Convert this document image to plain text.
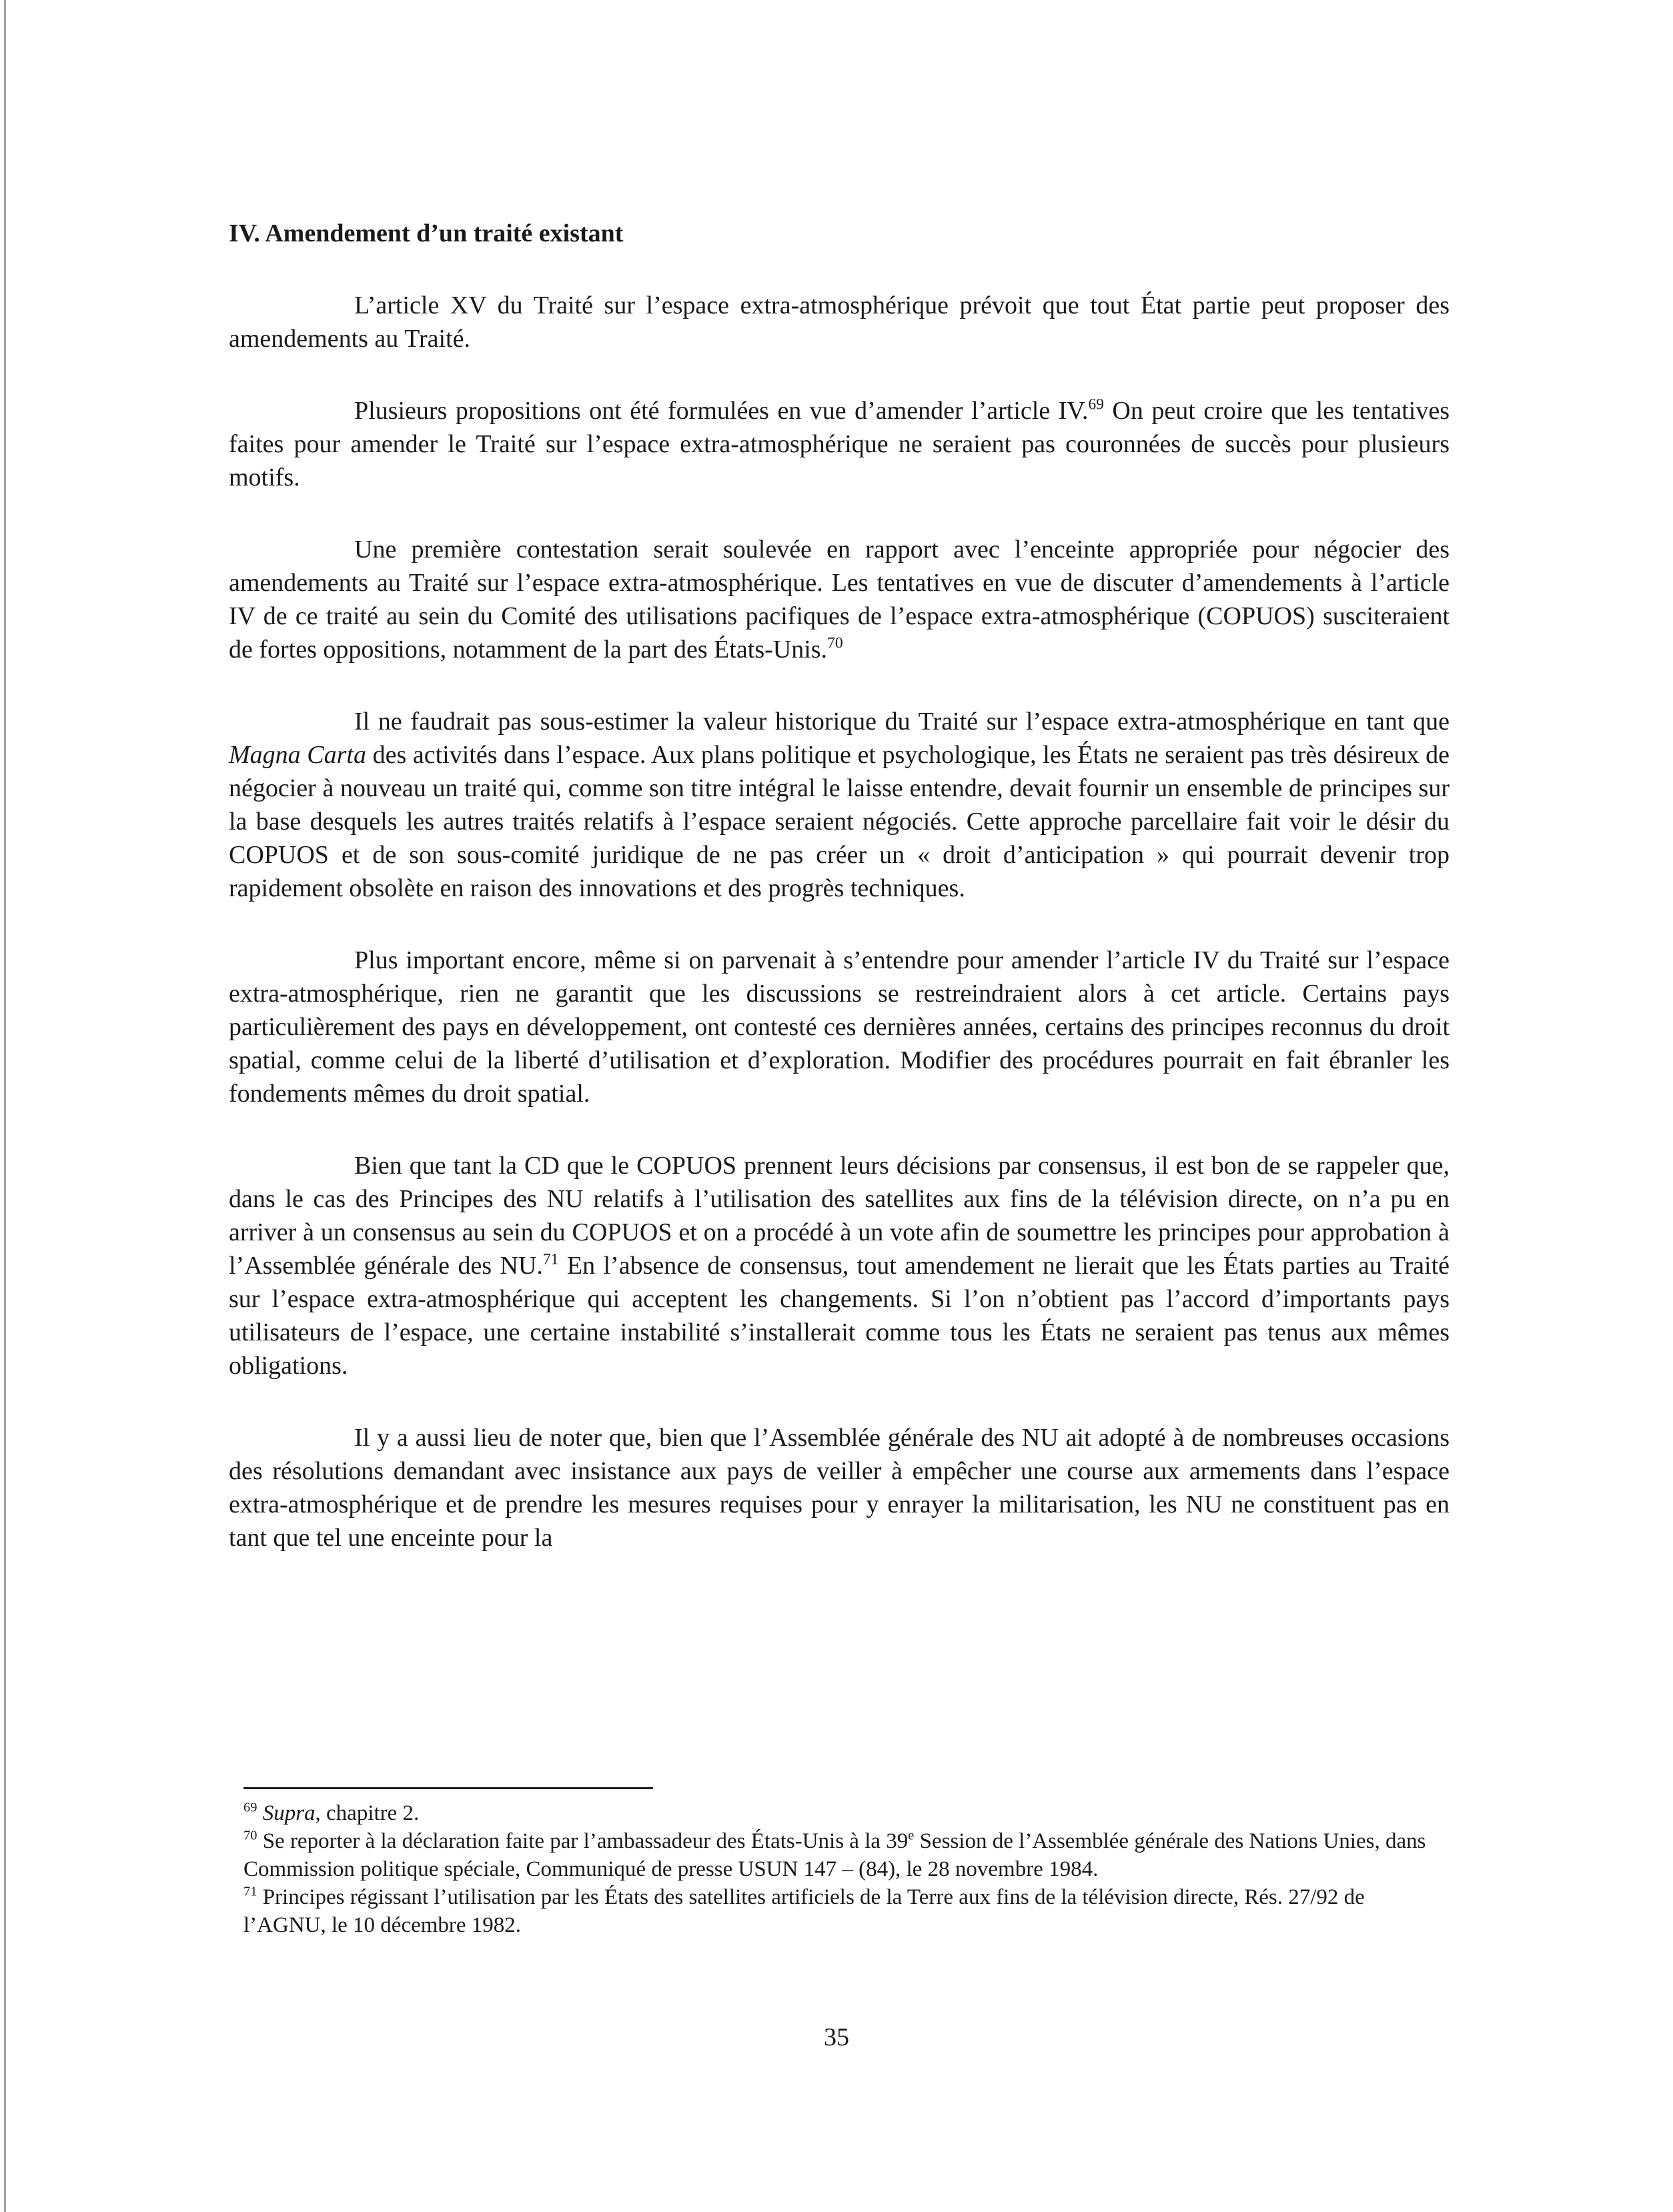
IV. Amendement d’un traité existant

L’article XV du Traité sur l’espace extra-atmosphérique prévoit que tout État partie peut proposer des amendements au Traité.

Plusieurs propositions ont été formulées en vue d’amender l’article IV.$^{69}$ On peut croire que les tentatives faites pour amender le Traité sur l’espace extra-atmosphérique ne seraient pas couronnées de succès pour plusieurs motifs.

Une première contestation serait soulevée en rapport avec l’enceinte appropriée pour négocier des amendements au Traité sur l’espace extra-atmosphérique. Les tentatives en vue de discuter d’amendements à l’article IV de ce traité au sein du Comité des utilisations pacifiques de l’espace extra-atmosphérique (COPUOS) susciteraient de fortes oppositions, notamment de la part des États-Unis.$^{70}$

Il ne faudrait pas sous-estimer la valeur historique du Traité sur l’espace extra-atmosphérique en tant que Magna Carta des activités dans l’espace. Aux plans politique et psychologique, les États ne seraient pas très désireux de négocier à nouveau un traité qui, comme son titre intégral le laisse entendre, devait fournir un ensemble de principes sur la base desquels les autres traités relatifs à l’espace seraient négociés. Cette approche parcellaire fait voir le désir du COPUOS et de son sous-comité juridique de ne pas créer un « droit d’anticipation » qui pourrait devenir trop rapidement obsolète en raison des innovations et des progrès techniques.

Plus important encore, même si on parvenait à s’entendre pour amender l’article IV du Traité sur l’espace extra-atmosphérique, rien ne garantit que les discussions se restreindraient alors à cet article. Certains pays particulièrement des pays en développement, ont contesté ces dernières années, certains des principes reconnus du droit spatial, comme celui de la liberté d’utilisation et d’exploration. Modifier des procédures pourrait en fait ébranler les fondements mêmes du droit spatial.

Bien que tant la CD que le COPUOS prennent leurs décisions par consensus, il est bon de se rappeler que, dans le cas des Principes des NU relatifs à l’utilisation des satellites aux fins de la télévision directe, on n’a pu en arriver à un consensus au sein du COPUOS et on a procédé à un vote afin de soumettre les principes pour approbation à l’Assemblée générale des NU.$^{71}$ En l’absence de consensus, tout amendement ne lierait que les États parties au Traité sur l’espace extra-atmosphérique qui acceptent les changements. Si l’on n’obtient pas l’accord d’importants pays utilisateurs de l’espace, une certaine instabilité s’installerait comme tous les États ne seraient pas tenus aux mêmes obligations.

Il y a aussi lieu de noter que, bien que l’Assemblée générale des NU ait adopté à de nombreuses occasions des résolutions demandant avec insistance aux pays de veiller à empêcher une course aux armements dans l’espace extra-atmosphérique et de prendre les mesures requises pour y enrayer la militarisation, les NU ne constituent pas en tant que tel une enceinte pour la

$^{69}$ Supra, chapitre 2.

$^{70}$ Se reporter à la déclaration faite par l’ambassadeur des États-Unis à la 39e Session de l’Assemblée générale des Nations Unies, dans Commission politique spéciale, Communiqué de presse USUN 147 – (84), le 28 novembre 1984.

$^{71}$ Principes régissant l’utilisation par les États des satellites artificiels de la Terre aux fins de la télévision directe, Rés. 27/92 de l’AGNU, le 10 décembre 1982.

35
